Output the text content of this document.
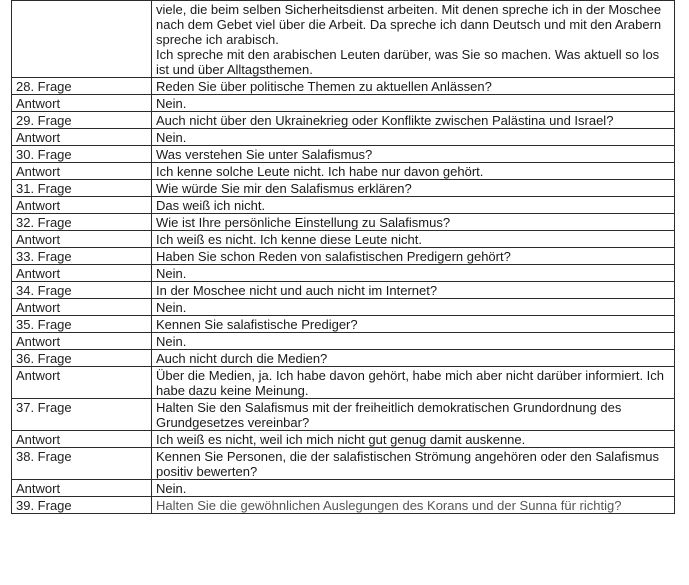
	viele, die beim selben Sicherheitsdienst arbeiten. Mit denen spreche ich in der Moschee nach dem Gebet viel über die Arbeit. Da spreche ich dann Deutsch und mit den Arabern spreche ich arabisch.
Ich spreche mit den arabischen Leuten darüber, was Sie so machen. Was aktuell so los ist und über Alltagsthemen.

28. Frage	Reden Sie über politische Themen zu aktuellen Anlässen?
Antwort	Nein.
29. Frage	Auch nicht über den Ukrainekrieg oder Konflikte zwischen Palästina und Israel?
Antwort	Nein.
30. Frage	Was verstehen Sie unter Salafismus?
Antwort	Ich kenne solche Leute nicht. Ich habe nur davon gehört.
31. Frage	Wie würde Sie mir den Salafismus erklären?
Antwort	Das weiß ich nicht.
32. Frage	Wie ist Ihre persönliche Einstellung zu Salafismus?
Antwort	Ich weiß es nicht. Ich kenne diese Leute nicht.
33. Frage	Haben Sie schon Reden von salafistischen Predigern gehört?
Antwort	Nein.
34. Frage	In der Moschee nicht und auch nicht im Internet?
Antwort	Nein.
35. Frage	Kennen Sie salafistische Prediger?
Antwort	Nein.
36. Frage	Auch nicht durch die Medien?
Antwort	Über die Medien, ja. Ich habe davon gehört, habe mich aber nicht darüber informiert. Ich habe dazu keine Meinung.
37. Frage	Halten Sie den Salafismus mit der freiheitlich demokratischen Grundordnung des Grundgesetzes vereinbar?
Antwort	Ich weiß es nicht, weil ich mich nicht gut genug damit auskenne.
38. Frage	Kennen Sie Personen, die der salafistischen Strömung angehören oder den Salafismus positiv bewerten?
Antwort	Nein.
39. Frage	Halten Sie die gewöhnlichen Auslegungen des Korans und der Sunna für richtig?
